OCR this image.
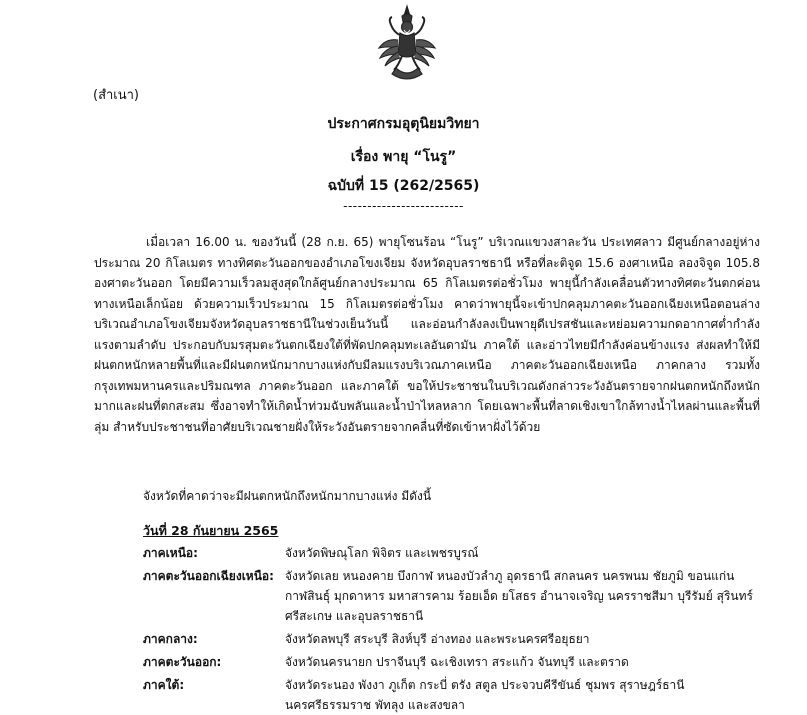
(สำเนา)
ประกาศกรมอุตุนิยมวิทยา
เรื่อง พายุ “โนรู”
ฉบับที่ 15 (262/2565)
-------------------------

เมื่อเวลา 16.00 น. ของวันนี้ (28 ก.ย. 65) พายุโซนร้อน “โนรู” บริเวณแขวงสาละวัน ประเทศลาว มีศูนย์กลางอยู่ห่างประมาณ 20 กิโลเมตร ทางทิศตะวันออกของอำเภอโขงเจียม จังหวัดอุบลราชธานี หรือที่ละติจูด 15.6 องศาเหนือ ลองจิจูด 105.8 องศาตะวันออก โดยมีความเร็วลมสูงสุดใกล้ศูนย์กลางประมาณ 65 กิโลเมตรต่อชั่วโมง พายุนี้กำลังเคลื่อนตัวทางทิศตะวันตกค่อนทางเหนือเล็กน้อย ด้วยความเร็วประมาณ 15 กิโลเมตรต่อชั่วโมง คาดว่าพายุนี้จะเข้าปกคลุมภาคตะวันออกเฉียงเหนือตอนล่าง บริเวณอำเภอโขงเจียมจังหวัดอุบลราชธานีในช่วงเย็นวันนี้ และอ่อนกำลังลงเป็นพายุดีเปรสชันและหย่อมความกดอากาศต่ำกำลังแรงตามลำดับ ประกอบกับมรสุมตะวันตกเฉียงใต้ที่พัดปกคลุมทะเลอันดามัน ภาคใต้ และอ่าวไทยมีกำลังค่อนข้างแรง ส่งผลทำให้มีฝนตกหนักหลายพื้นที่และมีฝนตกหนักมากบางแห่งกับมีลมแรงบริเวณภาคเหนือ ภาคตะวันออกเฉียงเหนือ ภาคกลาง รวมทั้งกรุงเทพมหานครและปริมณฑล ภาคตะวันออก และภาคใต้ ขอให้ประชาชนในบริเวณดังกล่าวระวังอันตรายจากฝนตกหนักถึงหนักมากและฝนที่ตกสะสม ซึ่งอาจทำให้เกิดน้ำท่วมฉับพลันและน้ำป่าไหลหลาก โดยเฉพาะพื้นที่ลาดเชิงเขาใกล้ทางน้ำไหลผ่านและพื้นที่ลุ่ม สำหรับประชาชนที่อาศัยบริเวณชายฝั่งให้ระวังอันตรายจากคลื่นที่ซัดเข้าหาฝั่งไว้ด้วย

จังหวัดที่คาดว่าจะมีฝนตกหนักถึงหนักมากบางแห่ง มีดังนี้
วันที่ 28 กันยายน 2565
ภาคเหนือ:	จังหวัดพิษณุโลก พิจิตร และเพชรบูรณ์
ภาคตะวันออกเฉียงเหนือ: จังหวัดเลย หนองคาย บึงกาฬ หนองบัวลำภู อุดรธานี สกลนคร นครพนม ชัยภูมิ ขอนแก่น กาฬสินธุ์ มุกดาหาร มหาสารคาม ร้อยเอ็ด ยโสธร อำนาจเจริญ นครราชสีมา บุรีรัมย์ สุรินทร์ ศรีสะเกษ และอุบลราชธานี
ภาคกลาง:	จังหวัดลพบุรี สระบุรี สิงห์บุรี อ่างทอง และพระนครศรีอยุธยา
ภาคตะวันออก:	จังหวัดนครนายก ปราจีนบุรี ฉะเชิงเทรา สระแก้ว จันทบุรี และตราด
ภาคใต้:	จังหวัดระนอง พังงา ภูเก็ต กระบี่ ตรัง สตูล ประจวบคีรีขันธ์ ชุมพร สุราษฎร์ธานี นครศรีธรรมราช พัทลุง และสงขลา
